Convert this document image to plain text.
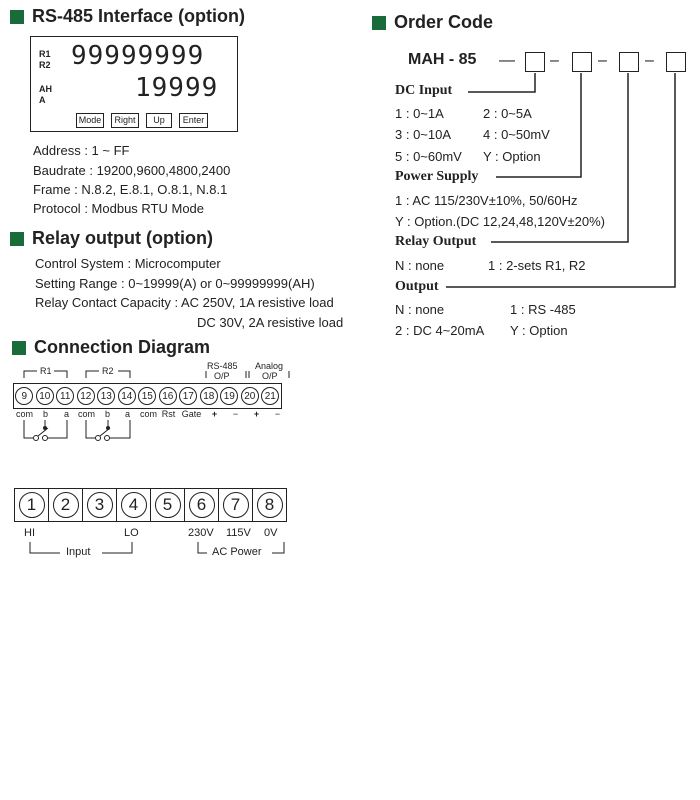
RS-485 Interface (option)
R1
R2
AH
A
99999999
19999
Mode	Right	Up	Enter
Address : 1 ~ FF
Baudrate : 19200,9600,4800,2400
Frame : N.8.2, E.8.1, O.8.1, N.8.1
Protocol : Modbus RTU Mode
Relay output (option)
Control System : Microcomputer
Setting Range : 0~19999(A) or 0~99999999(AH)
Relay Contact Capacity : AC 250V, 1A resistive load
DC 30V, 2A resistive load
Connection Diagram
R1	R2	RS-485
O/P
Analog
O/P
9	10 11 12 13 14 15 16 17 18 19 20 21
com	b	a com	b	a	com Rst Gate	+	−	+	−
1	2	3	4	5	6	7	8
HI	LO	230V 115V 0V
Input	AC Power
Order Code
MAH - 85 — – – –
DC Input
1 : 0~1A	2 : 0~5A
3 : 0~10A 4 : 0~50mV
5 : 0~60mV Y : Option
Power Supply
1 : AC 115/230V±10%, 50/60Hz
Y : Option.(DC 12,24,48,120V±20%)
Relay Output
N : none	1 : 2-sets R1, R2
Output
N : none	1 : RS -485
2 : DC 4~20mA Y : Option
